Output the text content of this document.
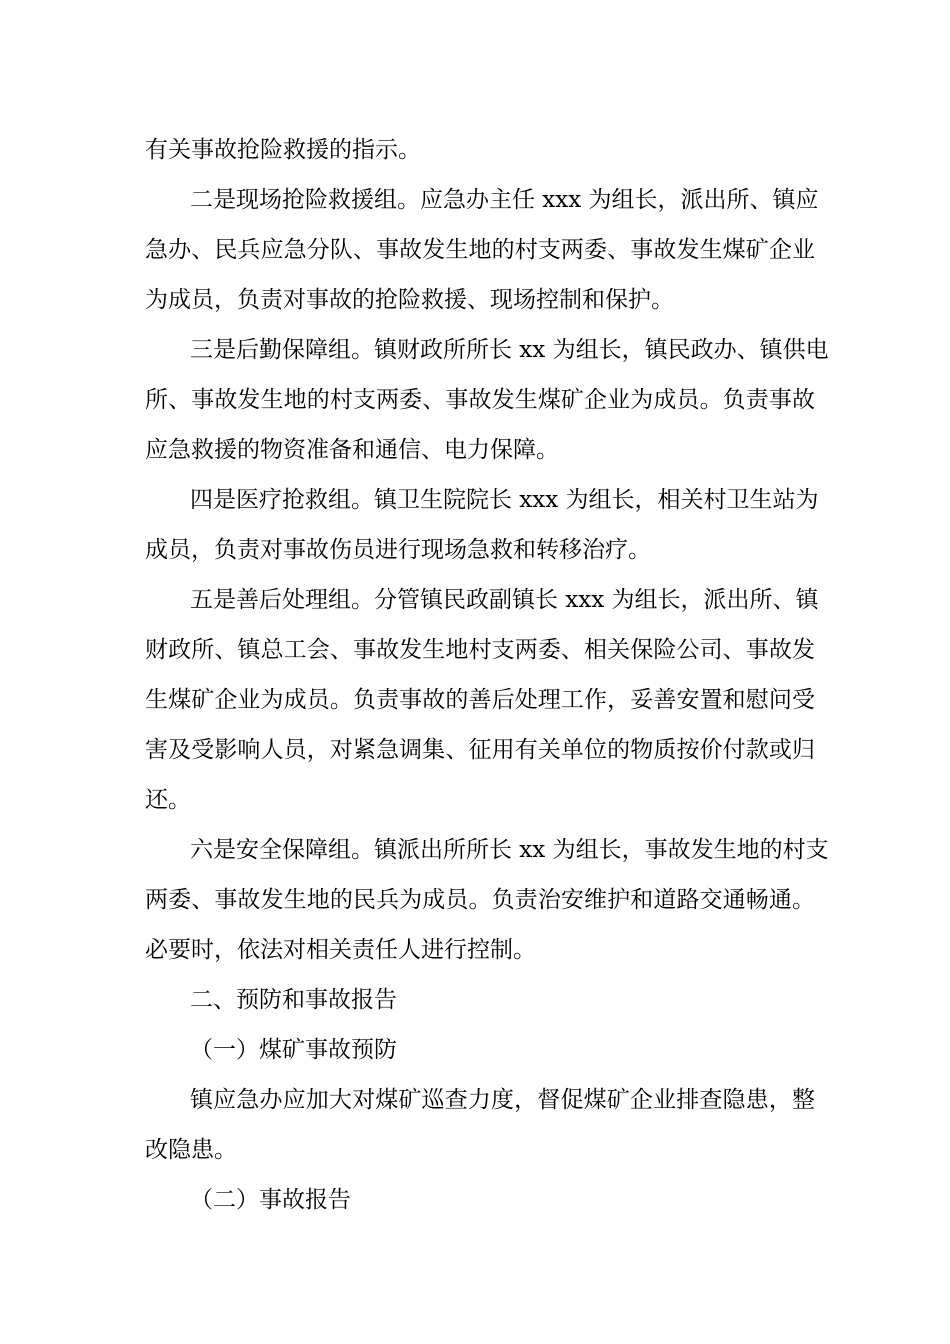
有关事故抢险救援的指示。
二是现场抢险救援组。应急办主任 xxx 为组长，派出所、镇应
急办、民兵应急分队、事故发生地的村支两委、事故发生煤矿企业
为成员，负责对事故的抢险救援、现场控制和保护。
三是后勤保障组。镇财政所所长 xx 为组长，镇民政办、镇供电
所、事故发生地的村支两委、事故发生煤矿企业为成员。负责事故
应急救援的物资准备和通信、电力保障。
四是医疗抢救组。镇卫生院院长 xxx 为组长，相关村卫生站为
成员，负责对事故伤员进行现场急救和转移治疗。
五是善后处理组。分管镇民政副镇长 xxx 为组长，派出所、镇
财政所、镇总工会、事故发生地村支两委、相关保险公司、事故发
生煤矿企业为成员。负责事故的善后处理工作，妥善安置和慰问受
害及受影响人员，对紧急调集、征用有关单位的物质按价付款或归
还。
六是安全保障组。镇派出所所长 xx 为组长，事故发生地的村支
两委、事故发生地的民兵为成员。负责治安维护和道路交通畅通。
必要时，依法对相关责任人进行控制。
二、预防和事故报告
（一）煤矿事故预防
镇应急办应加大对煤矿巡查力度，督促煤矿企业排查隐患，整
改隐患。
（二）事故报告
